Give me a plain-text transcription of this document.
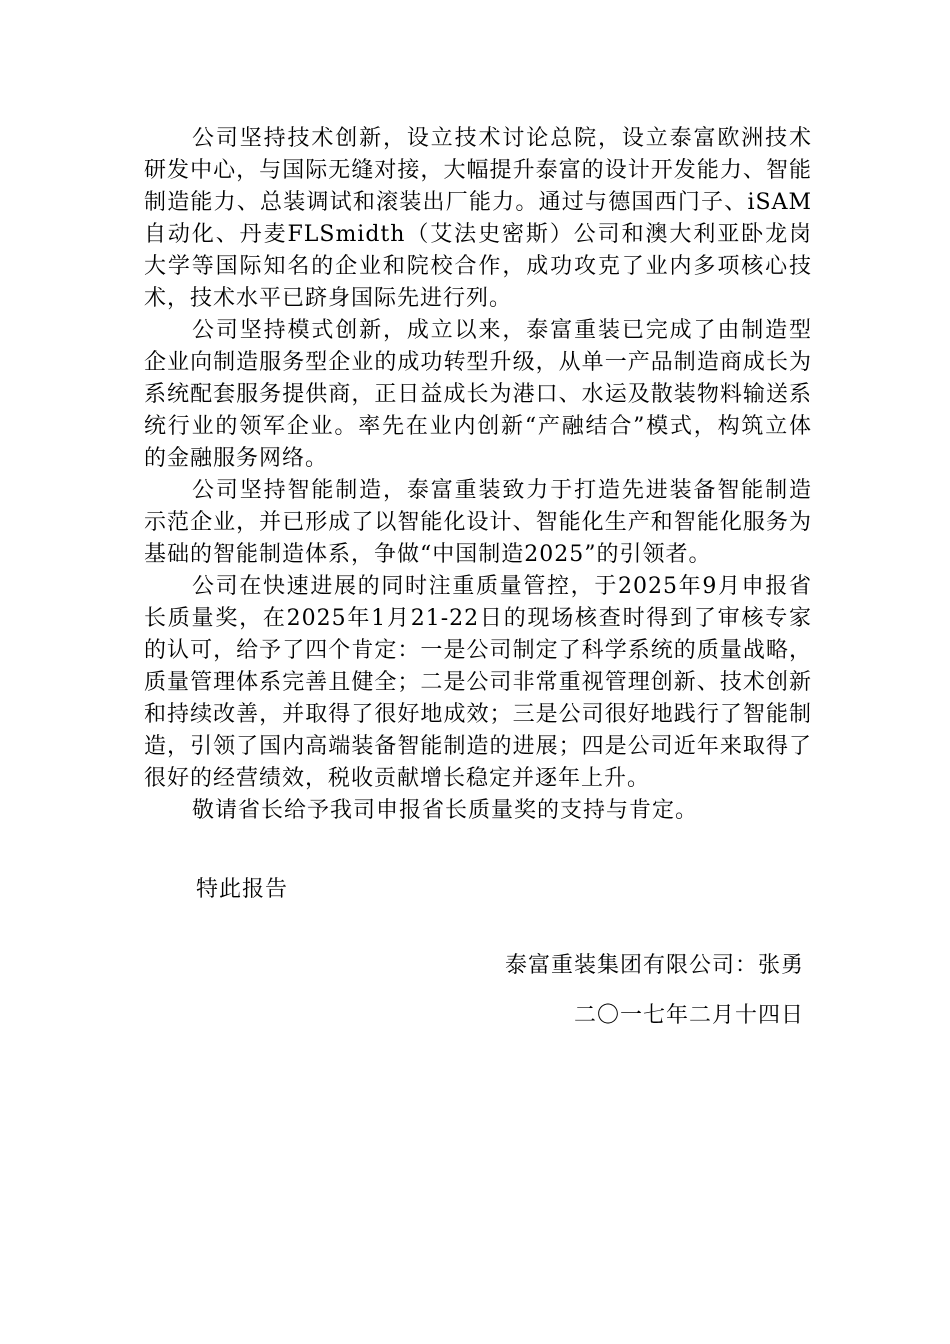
公司坚持技术创新，设立技术讨论总院，设立泰富欧洲技术研发中心，与国际无缝对接，大幅提升泰富的设计开发能力、智能制造能力、总装调试和滚装出厂能力。通过与德国西门子、iSAM自动化、丹麦FLSmidth（艾法史密斯）公司和澳大利亚卧龙岗大学等国际知名的企业和院校合作，成功攻克了业内多项核心技术，技术水平已跻身国际先进行列。

公司坚持模式创新，成立以来，泰富重装已完成了由制造型企业向制造服务型企业的成功转型升级，从单一产品制造商成长为系统配套服务提供商，正日益成长为港口、水运及散装物料输送系统行业的领军企业。率先在业内创新“产融结合”模式，构筑立体的金融服务网络。

公司坚持智能制造，泰富重装致力于打造先进装备智能制造示范企业，并已形成了以智能化设计、智能化生产和智能化服务为基础的智能制造体系，争做“中国制造2025”的引领者。

公司在快速进展的同时注重质量管控，于2025年9月申报省长质量奖，在2025年1月21-22日的现场核查时得到了审核专家的认可，给予了四个肯定：一是公司制定了科学系统的质量战略，质量管理体系完善且健全；二是公司非常重视管理创新、技术创新和持续改善，并取得了很好地成效；三是公司很好地践行了智能制造，引领了国内高端装备智能制造的进展；四是公司近年来取得了很好的经营绩效，税收贡献增长稳定并逐年上升。

敬请省长给予我司申报省长质量奖的支持与肯定。

特此报告
泰富重装集团有限公司：张勇
二〇一七年二月十四日
